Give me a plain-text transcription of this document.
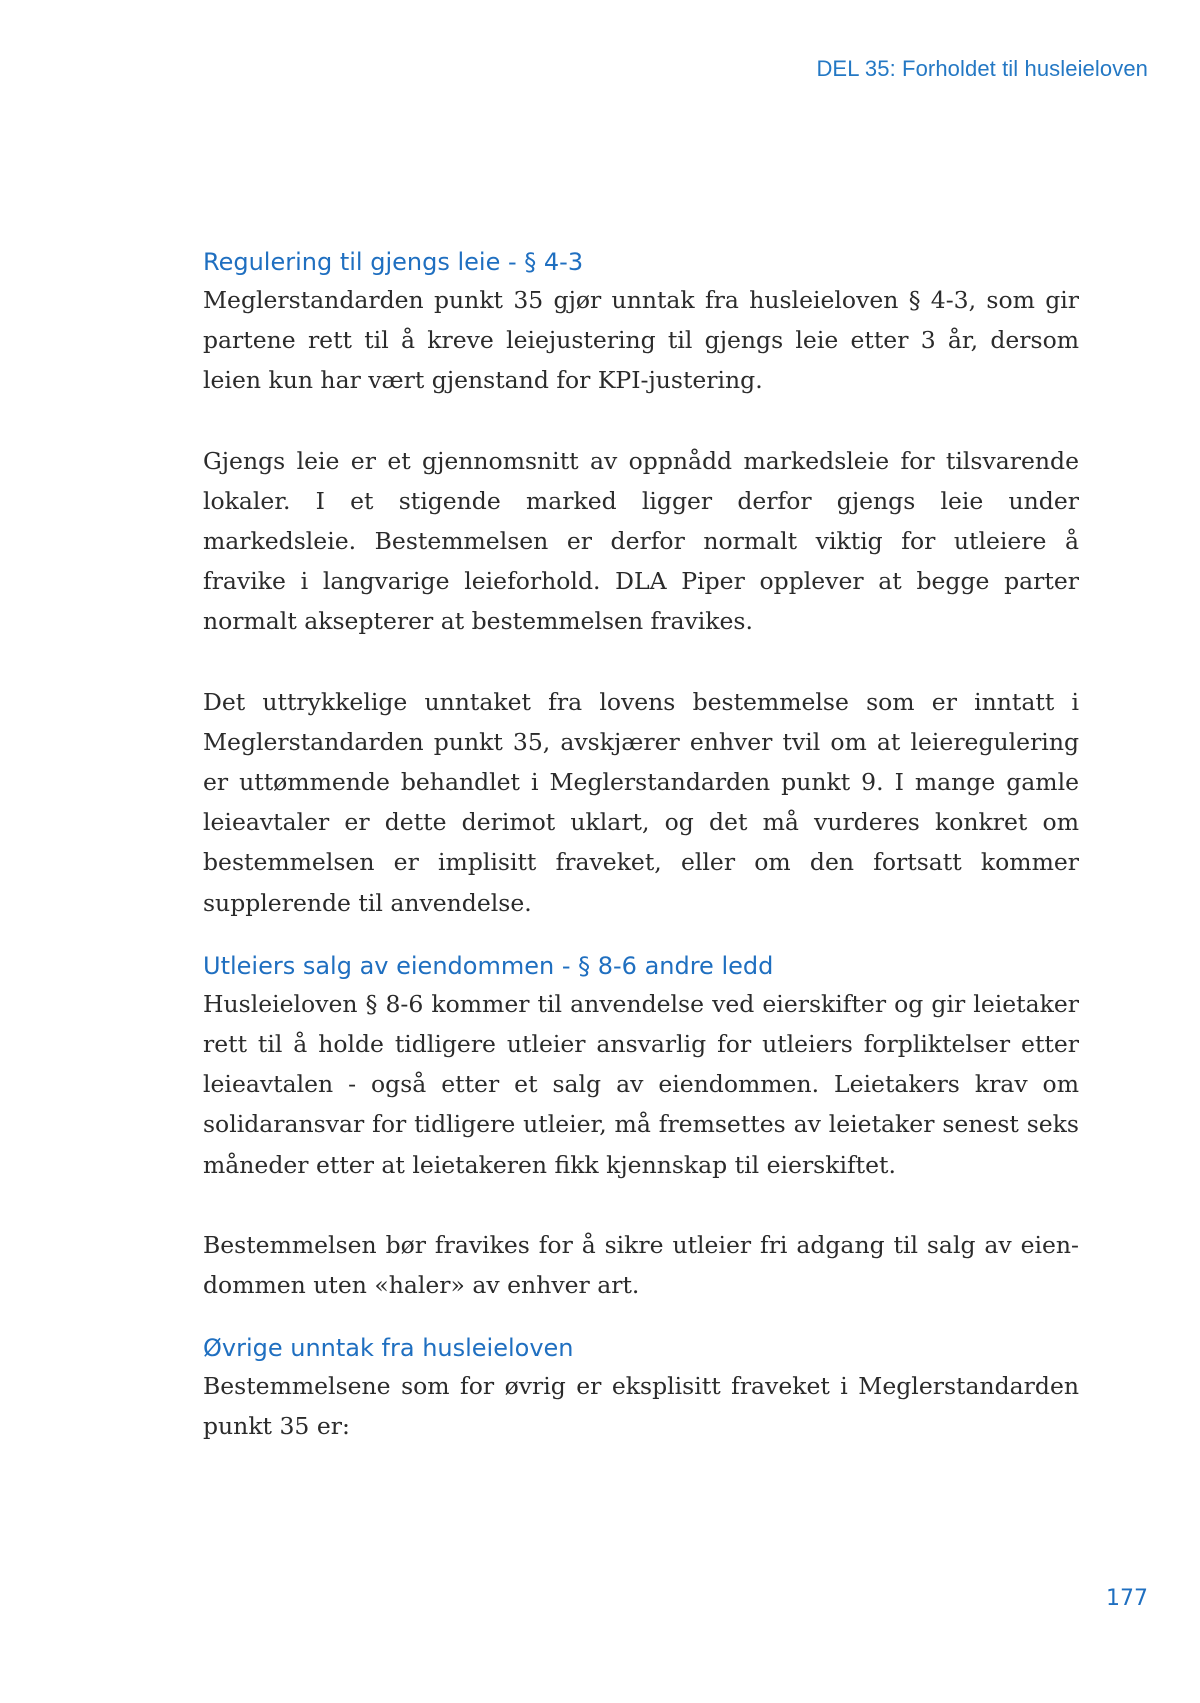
DEL 35: Forholdet til husleieloven
Regulering til gjengs leie - § 4-3

Meglerstandarden punkt 35 gjør unntak fra husleieloven § 4-3, som gir partene rett til å kreve leiejustering til gjengs leie etter 3 år, dersom leien kun har vært gjenstand for KPI-justering.

Gjengs leie er et gjennomsnitt av oppnådd markedsleie for tilsvarende lokaler. I et stigende marked ligger derfor gjengs leie under markedsleie. Bestemmelsen er derfor normalt viktig for utleiere å fravike i langvarige leieforhold. DLA Piper opplever at begge parter normalt aksepterer at bestemmelsen fravikes.

Det uttrykkelige unntaket fra lovens bestemmelse som er inntatt i Meglerstandarden punkt 35, avskjærer enhver tvil om at leieregulering er uttømmende behandlet i Meglerstandarden punkt 9. I mange gamle leieavtaler er dette derimot uklart, og det må vurderes konkret om bestemmelsen er implisitt fraveket, eller om den fortsatt kommer supplerende til anvendelse.

Utleiers salg av eiendommen - § 8-6 andre ledd

Husleieloven § 8-6 kommer til anvendelse ved eierskifter og gir leietaker rett til å holde tidligere utleier ansvarlig for utleiers forpliktelser etter leieavtalen - også etter et salg av eiendommen. Leietakers krav om solidaransvar for tidligere utleier, må fremsettes av leietaker senest seks måneder etter at leietakeren fikk kjennskap til eierskiftet.

Bestemmelsen bør fravikes for å sikre utleier fri adgang til salg av eiendommen uten «haler» av enhver art.

Øvrige unntak fra husleieloven

Bestemmelsene som for øvrig er eksplisitt fraveket i Meglerstandarden punkt 35 er:

177
